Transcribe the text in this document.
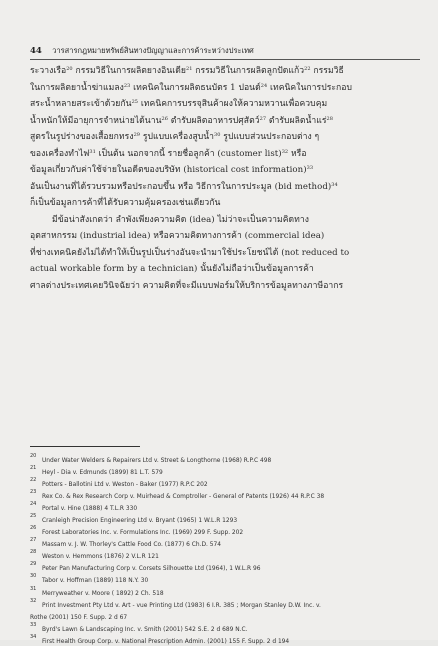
44 วารสารกฎหมายทรัพย์สินทางปัญญาและการค้าระหว่างประเทศ
ระวางเรือ$^{20}$ กรรมวิธีในการผลิตยางอินเดีย$^{21}$ กรรมวิธีในการผลิตลูกปัดแก้ว$^{22}$ กรรมวิธี
ในการผลิตยาน้ำฆ่าแมลง$^{23}$ เทคนิคในการผลิตธนบัตร 1 ปอนด์$^{24}$ เทคนิคในการประกอบ
สระน้ำหลายสระเข้าด้วยกัน$^{25}$ เทคนิคการบรรจุสินค้าผงให้ความหวานเพื่อควบคุม
น้ำหนักให้มีอายุการจำหน่ายได้นาน$^{26}$ ตำรับผลิตอาหารปศุสัตว์$^{27}$ ตำรับผลิตน้ำแร่$^{28}$
สูตรในรูปร่างของเสื้อยกทรง$^{29}$ รูปแบบเครื่องสูบน้ำ$^{30}$ รูปแบบส่วนประกอบต่าง ๆ
ของเครื่องทำไฟ$^{31}$ เป็นต้น นอกจากนี้ รายชื่อลูกค้า (customer list)$^{32}$ หรือ
ข้อมูลเกี่ยวกับค่าใช้จ่ายในอดีตของบริษัท (historical cost information)$^{33}$
อันเป็นงานที่ได้รวบรวมหรือประกอบขึ้น หรือ วิธีการในการประมูล (bid method)$^{34}$
ก็เป็นข้อมูลการค้าที่ได้รับความคุ้มครองเช่นเดียวกัน
มีข้อน่าสังเกตว่า ลำพังเพียงความคิด (idea) ไม่ว่าจะเป็นความคิดทาง
อุตสาหกรรม (industrial idea) หรือความคิดทางการค้า (commercial idea)
ที่ช่างเทคนิคยังไม่ได้ทำให้เป็นรูปเป็นร่างอันจะนำมาใช้ประโยชน์ได้ (not reduced to
actual workable form by a technician) นั้นยังไม่ถือว่าเป็นข้อมูลการค้า
ศาลต่างประเทศเคยวินิจฉัยว่า ความคิดที่จะมีแบบฟอร์มให้บริการข้อมูลทางภาษีอากร
20
Under Water Welders & Repairers Ltd v. Street & Longthorne (1968) R.P.C 498
21
Heyl - Dia v. Edmunds (1899) 81 L.T. 579
22
Potters - Ballotini Ltd v. Weston - Baker (1977) R.P.C 202
23
Rex Co. & Rex Research Corp v. Muirhead & Comptroller - General of Patents (1926) 44 R.P.C 38
24
Portal v. Hine (1888) 4 T.L.R 330
25
Cranleigh Precision Engineering Ltd v. Bryant (1965) 1 W.L.R 1293
26
Forest Laboratories Inc. v. Formulations Inc. (1969) 299 F. Supp. 202
27
Massam v. J. W. Thorley's Cattle Food Co. (1877) 6 Ch.D. 574
28
Weston v. Hemmons (1876) 2 V.L.R 121
29
Peter Pan Manufacturing Corp v. Corsets Silhouette Ltd (1964), 1 W.L.R 96
30
Tabor v. Hoffman (1889) 118 N.Y. 30
31
Merryweather v. Moore ( 1892) 2 Ch. 518
32
Print Investment Pty Ltd v. Art - vue Printing Ltd (1983) 6 I.R. 385 ; Morgan Stanley D.W. Inc. v.
Rothe (2001) 150 F. Supp. 2 d 67
33
Byrd's Lawn & Landscaping Inc. v. Smith (2001) 542 S.E. 2 d 689 N.C.
34
First Health Group Corp. v. National Prescription Admin. (2001) 155 F. Supp. 2 d 194
